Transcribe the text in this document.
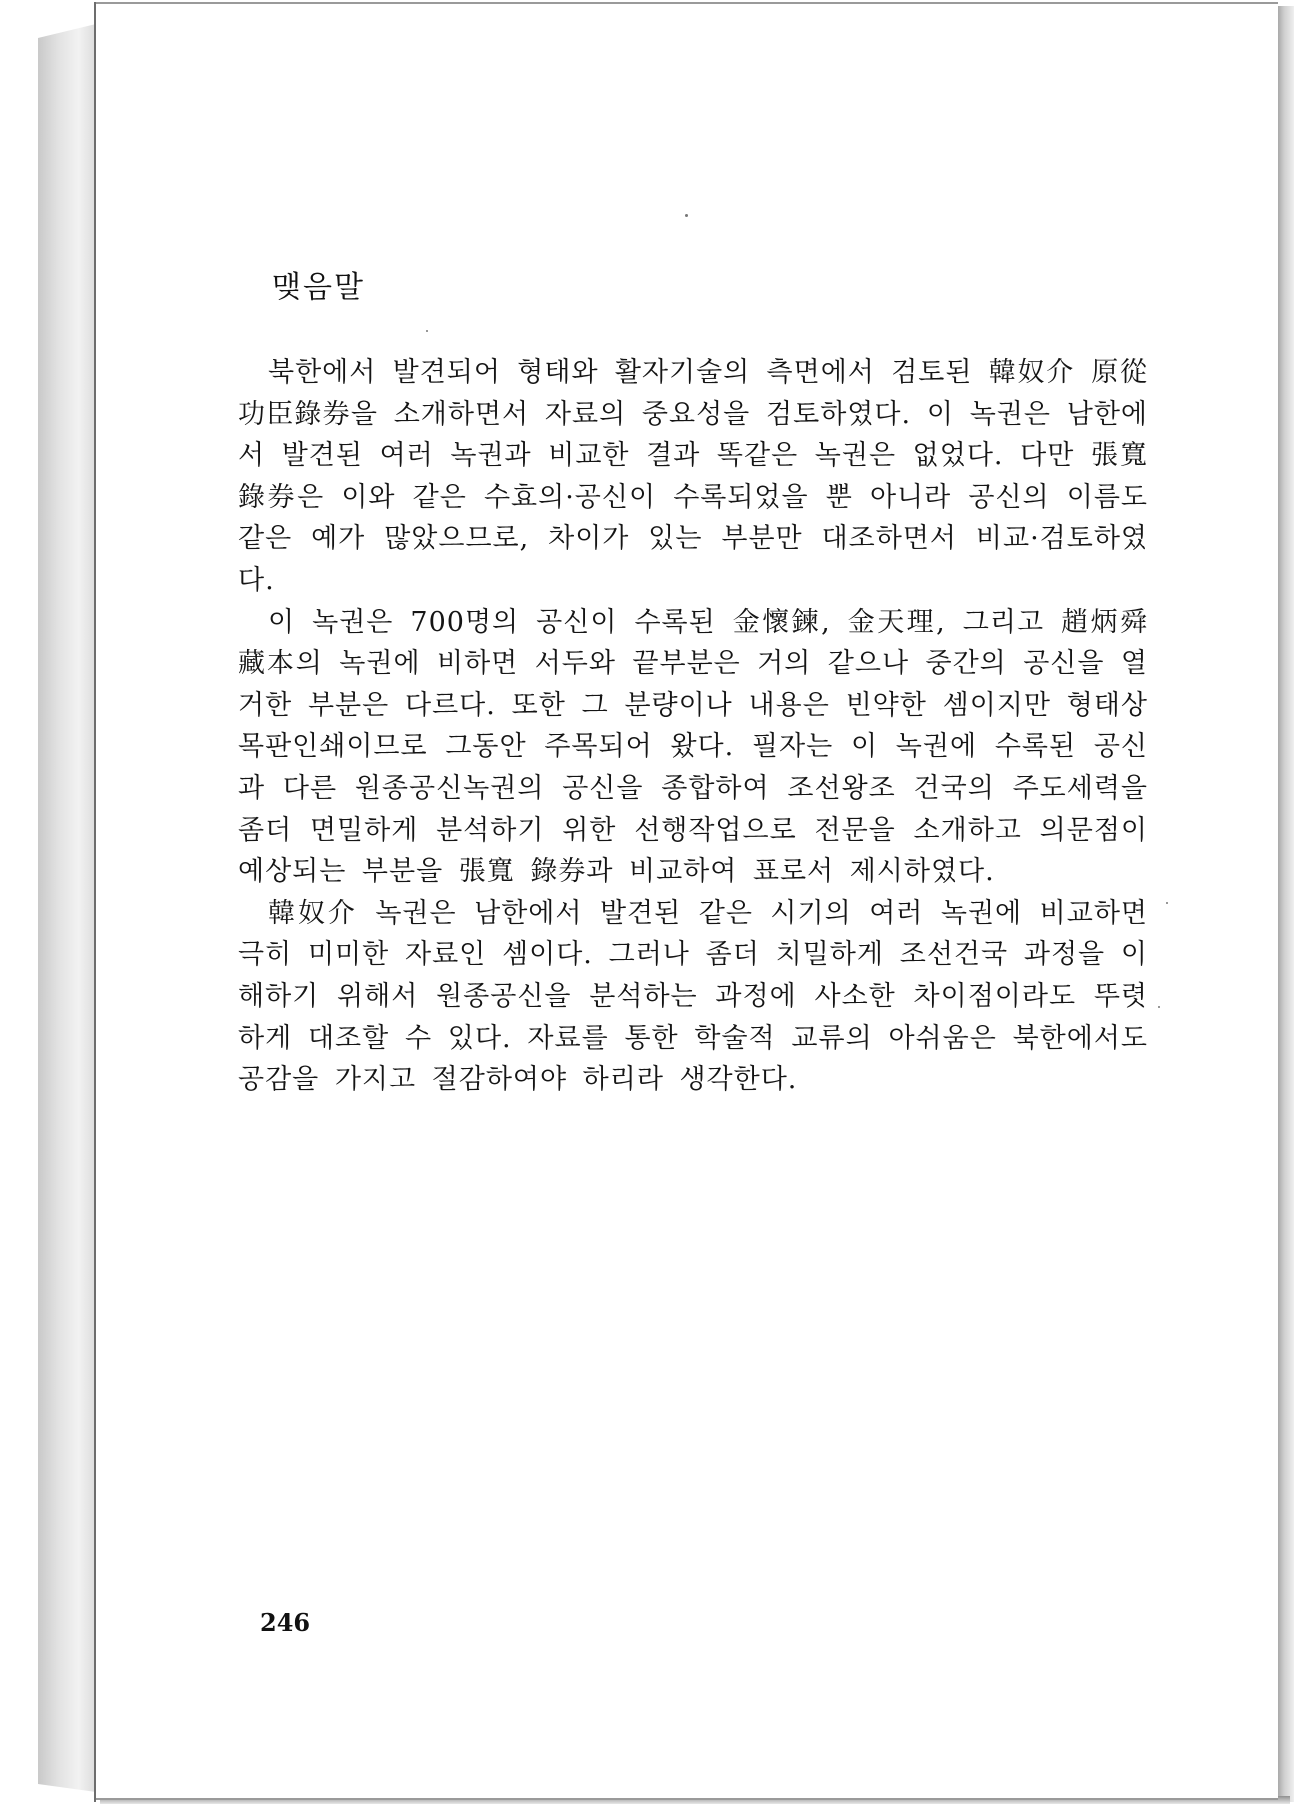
맺음말

북한에서 발견되어 형태와 활자기술의 측면에서 검토된 韓奴介 原從功臣錄券을 소개하면서 자료의 중요성을 검토하였다. 이 녹권은 남한에서 발견된 여러 녹권과 비교한 결과 똑같은 녹권은 없었다. 다만 張寬 錄券은 이와 같은 수효의·공신이 수록되었을 뿐 아니라 공신의 이름도 같은 예가 많았으므로, 차이가 있는 부분만 대조하면서 비교·검토하였다.

이 녹권은 700명의 공신이 수록된 金懷鍊, 金天理, 그리고 趙炳舜藏本의 녹권에 비하면 서두와 끝부분은 거의 같으나 중간의 공신을 열거한 부분은 다르다. 또한 그 분량이나 내용은 빈약한 셈이지만 형태상 목판인쇄이므로 그동안 주목되어 왔다. 필자는 이 녹권에 수록된 공신과 다른 원종공신녹권의 공신을 종합하여 조선왕조 건국의 주도세력을 좀더 면밀하게 분석하기 위한 선행작업으로 전문을 소개하고 의문점이 예상되는 부분을 張寬 錄券과 비교하여 표로서 제시하였다.

韓奴介 녹권은 남한에서 발견된 같은 시기의 여러 녹권에 비교하면 극히 미미한 자료인 셈이다. 그러나 좀더 치밀하게 조선건국 과정을 이해하기 위해서 원종공신을 분석하는 과정에 사소한 차이점이라도 뚜렷하게 대조할 수 있다. 자료를 통한 학술적 교류의 아쉬움은 북한에서도 공감을 가지고 절감하여야 하리라 생각한다.

246
